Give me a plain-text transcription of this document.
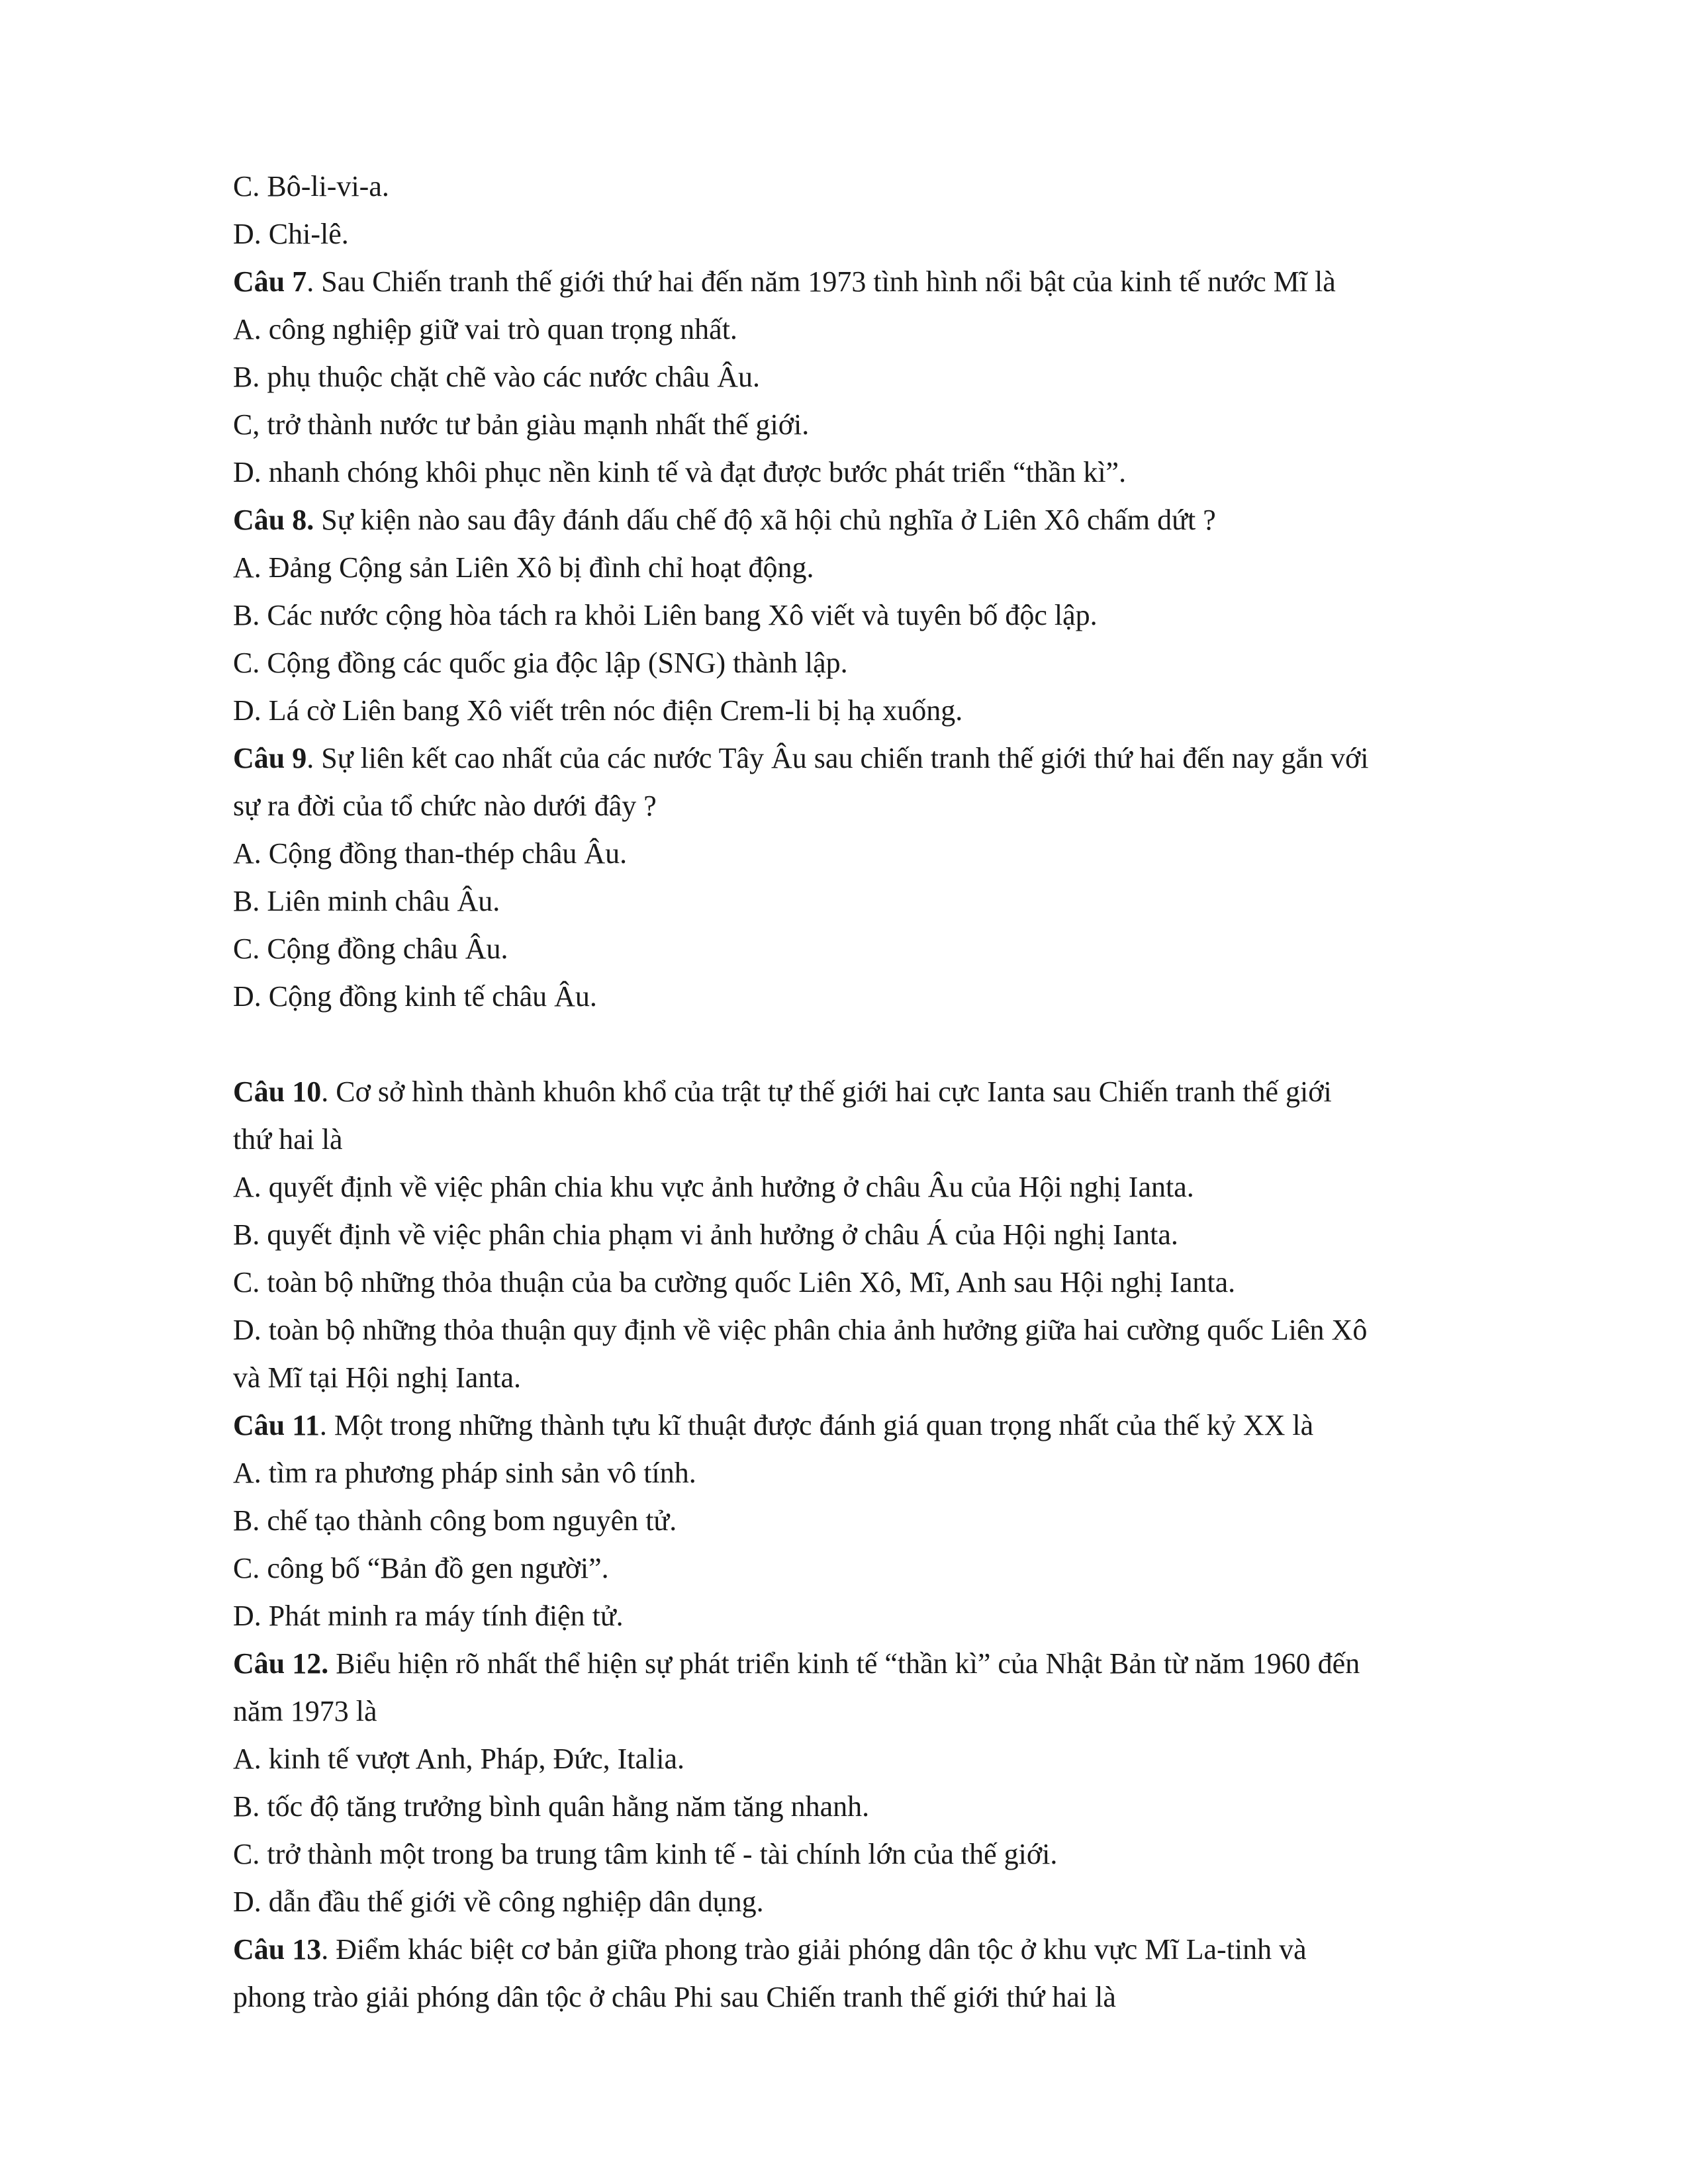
C. Bô-li-vi-a.
D. Chi-lê.
Câu 7. Sau Chiến tranh thế giới thứ hai đến năm 1973 tình hình nổi bật của kinh tế nước Mĩ là
A. công nghiệp giữ vai trò quan trọng nhất.
B. phụ thuộc chặt chẽ vào các nước châu Âu.
C, trở thành nước tư bản giàu mạnh nhất thế giới.
D. nhanh chóng khôi phục nền kinh tế và đạt được bước phát triển “thần kì”.
Câu 8. Sự kiện nào sau đây đánh dấu chế độ xã hội chủ nghĩa ở Liên Xô chấm dứt ?
A. Đảng Cộng sản Liên Xô bị đình chỉ hoạt động.
B. Các nước cộng hòa tách ra khỏi Liên bang Xô viết và tuyên bố độc lập.
C. Cộng đồng các quốc gia độc lập (SNG) thành lập.
D. Lá cờ Liên bang Xô viết trên nóc điện Crem-li bị hạ xuống.
Câu 9. Sự liên kết cao nhất của các nước Tây Âu sau chiến tranh thế giới thứ hai đến nay gắn với
sự ra đời của tổ chức nào dưới đây ?
A. Cộng đồng than-thép châu Âu.
B. Liên minh châu Âu.
C. Cộng đồng châu Âu.
D. Cộng đồng kinh tế châu Âu.
Câu 10. Cơ sở hình thành khuôn khổ của trật tự thế giới hai cực Ianta sau Chiến tranh thế giới
thứ hai là
A. quyết định về việc phân chia khu vực ảnh hưởng ở châu Âu của Hội nghị Ianta.
B. quyết định về việc phân chia phạm vi ảnh hưởng ở châu Á của Hội nghị Ianta.
C. toàn bộ những thỏa thuận của ba cường quốc Liên Xô, Mĩ, Anh sau Hội nghị Ianta.
D. toàn bộ những thỏa thuận quy định về việc phân chia ảnh hưởng giữa hai cường quốc Liên Xô
và Mĩ tại Hội nghị Ianta.
Câu 11. Một trong những thành tựu kĩ thuật được đánh giá quan trọng nhất của thế kỷ XX là
A. tìm ra phương pháp sinh sản vô tính.
B. chế tạo thành công bom nguyên tử.
C. công bố “Bản đồ gen người”.
D. Phát minh ra máy tính điện tử.
Câu 12. Biểu hiện rõ nhất thể hiện sự phát triển kinh tế “thần kì” của Nhật Bản từ năm 1960 đến
năm 1973 là
A. kinh tế vượt Anh, Pháp, Đức, Italia.
B. tốc độ tăng trưởng bình quân hằng năm tăng nhanh.
C. trở thành một trong ba trung tâm kinh tế - tài chính lớn của thế giới.
D. dẫn đầu thế giới về công nghiệp dân dụng.
Câu 13. Điểm khác biệt cơ bản giữa phong trào giải phóng dân tộc ở khu vực Mĩ La-tinh và
phong trào giải phóng dân tộc ở châu Phi sau Chiến tranh thế giới thứ hai là
